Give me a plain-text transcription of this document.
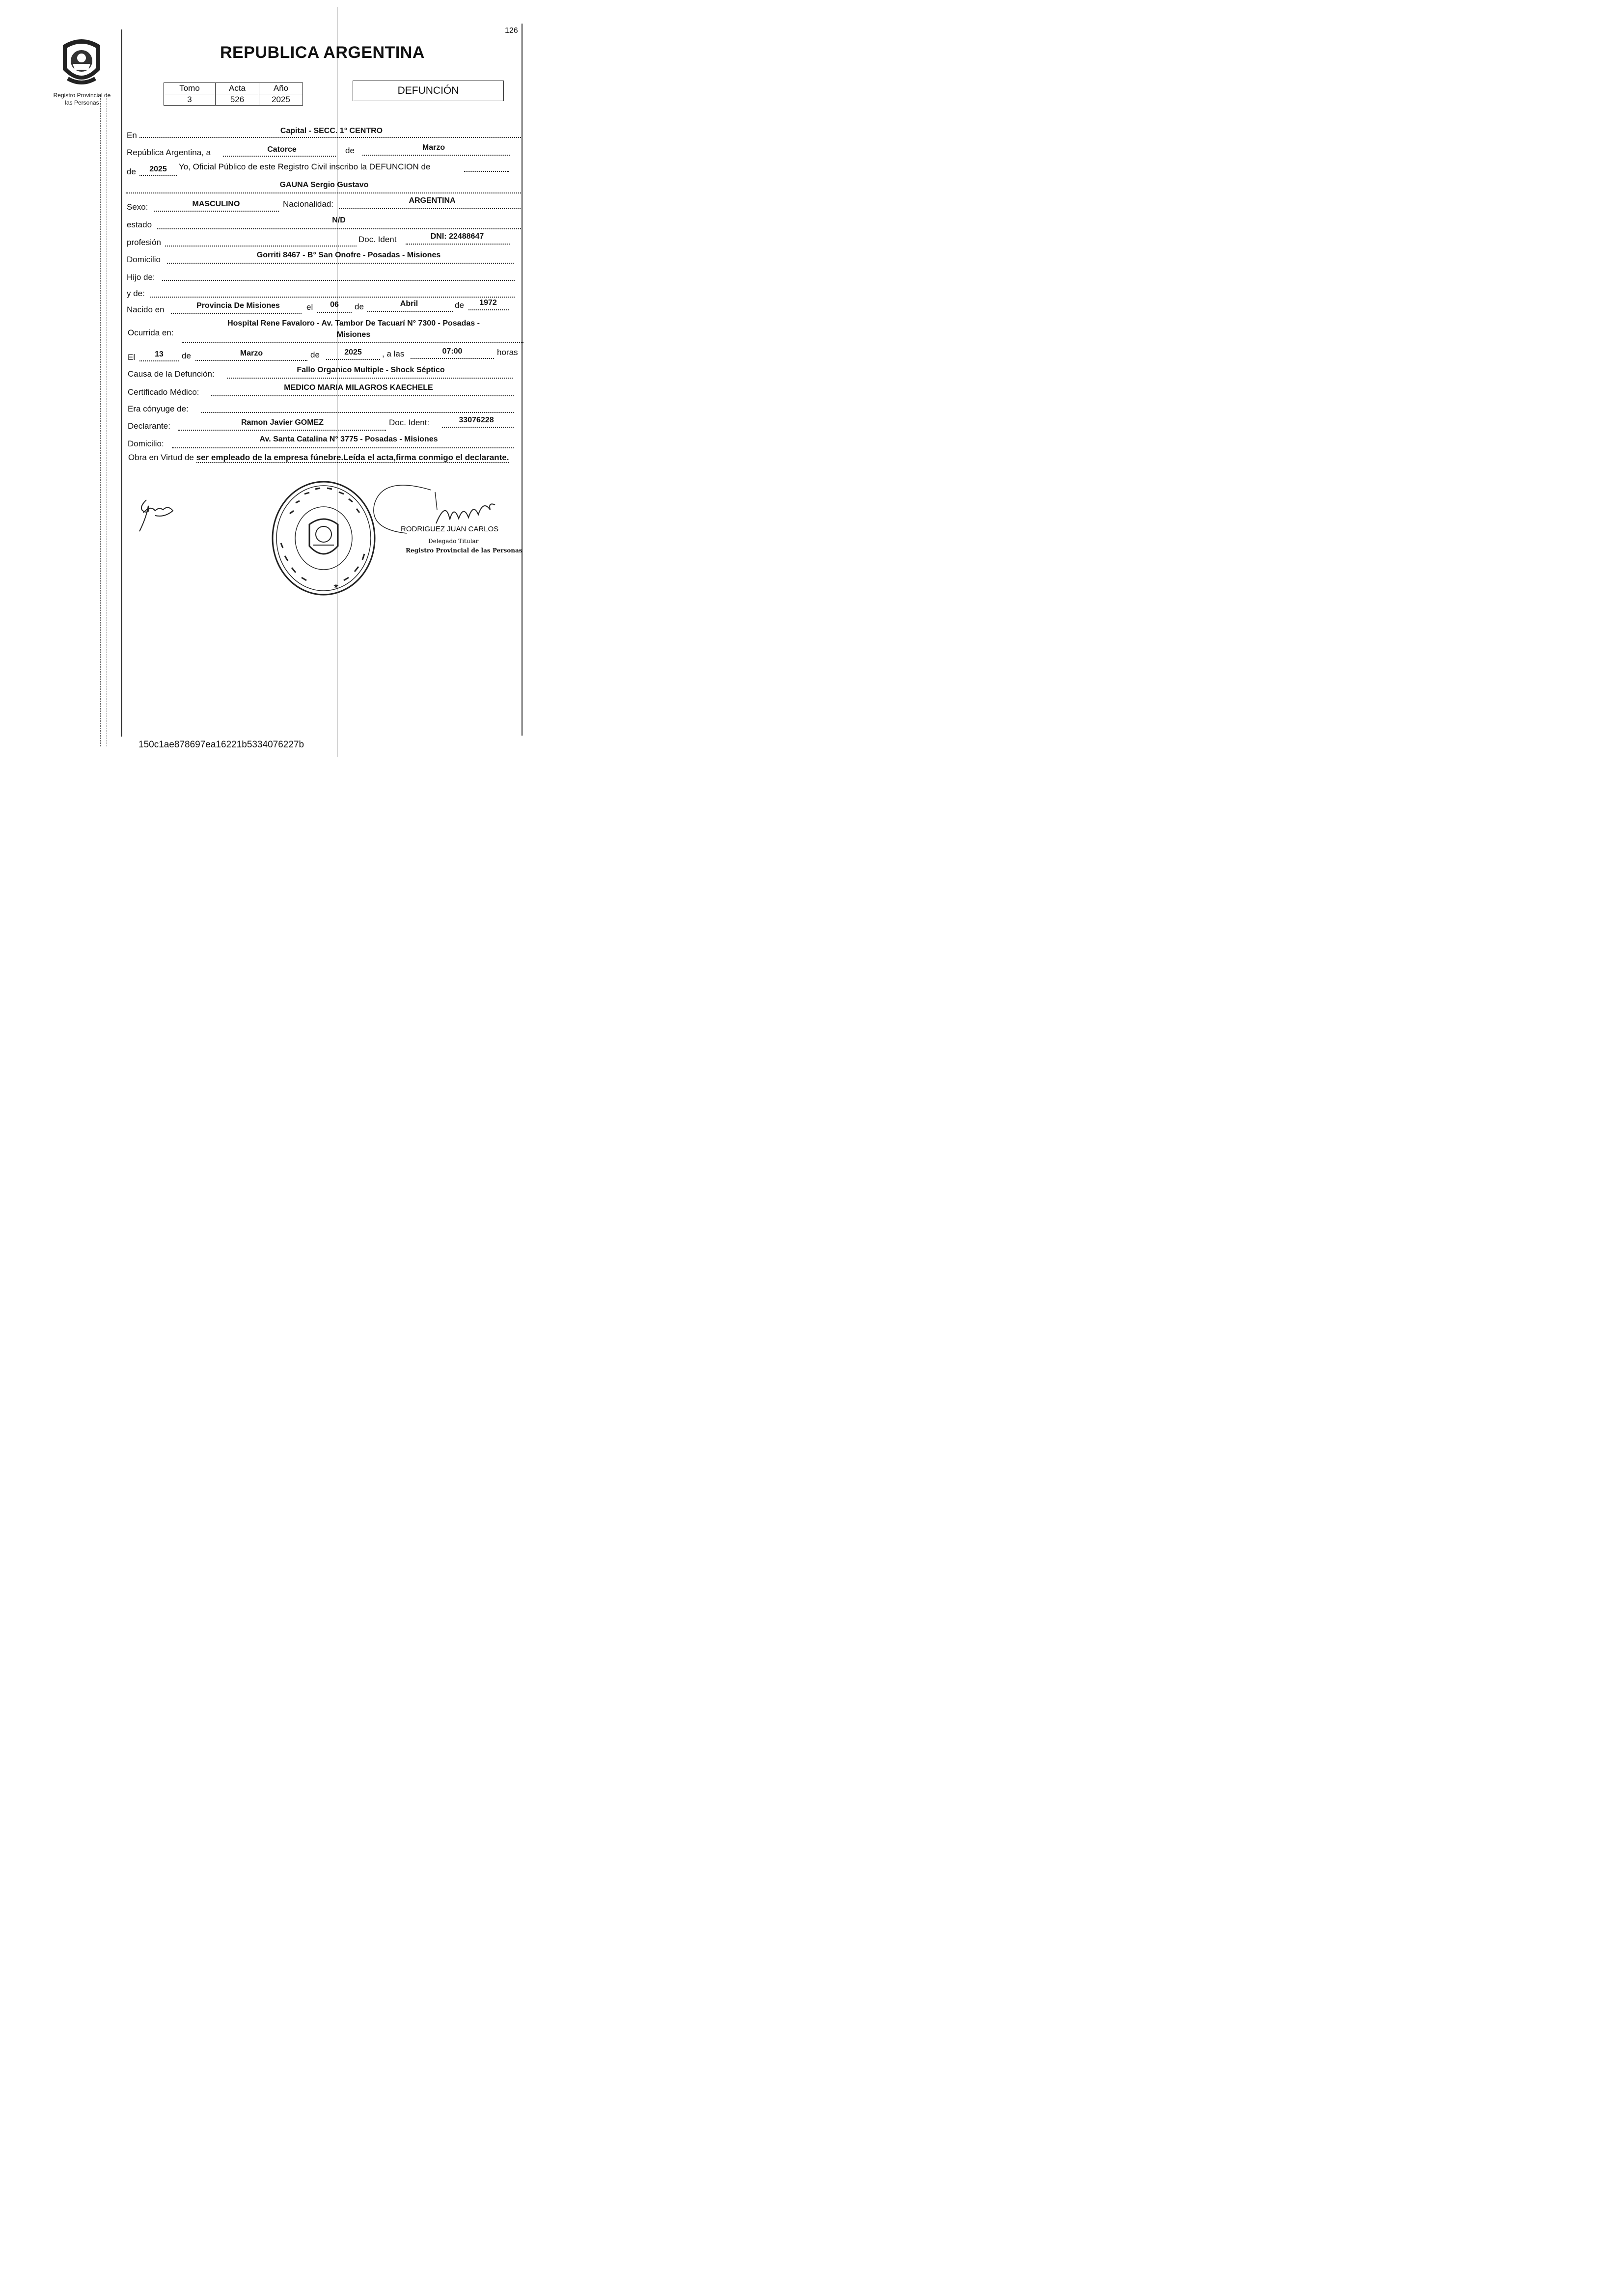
126
Registro Provincial de las Personas
REPUBLICA ARGENTINA
Tomo	Acta	Año
3	526	2025
DEFUNCIÓN
En	Capital - SECC. 1° CENTRO
República Argentina, a	Catorce	de	Marzo
de	2025	Yo, Oficial Público de este Registro Civil inscribo la DEFUNCION de
GAUNA Sergio Gustavo
Sexo:	MASCULINO	Nacionalidad:	ARGENTINA
estado	N/D
profesión	Doc. Ident	DNI: 22488647
Domicilio	Gorriti 8467 - B° San Onofre - Posadas - Misiones
Hijo de:
y de:
Nacido en	Provincia De Misiones	el	06	de	Abril	de	1972
Ocurrida en:
Hospital Rene Favaloro - Av. Tambor De Tacuarí N° 7300 - Posadas -
Misiones
El	13	de	Marzo	de	2025	, a las	07:00	horas
Causa de la Defunción:	Fallo Organico Multiple - Shock Séptico
Certificado Médico:	MEDICO MARIA MILAGROS KAECHELE
Era cónyuge de:
Declarante:	Ramon Javier GOMEZ	Doc. Ident:	33076228
Domicilio:	Av. Santa Catalina N° 3775 - Posadas - Misiones
Obra en Virtud de ser empleado de la empresa fúnebre.Leída el acta,firma conmigo el declarante.
★
RODRIGUEZ JUAN CARLOS
Delegado Titular
Registro Provincial de las Personas
150c1ae878697ea16221b5334076227b
